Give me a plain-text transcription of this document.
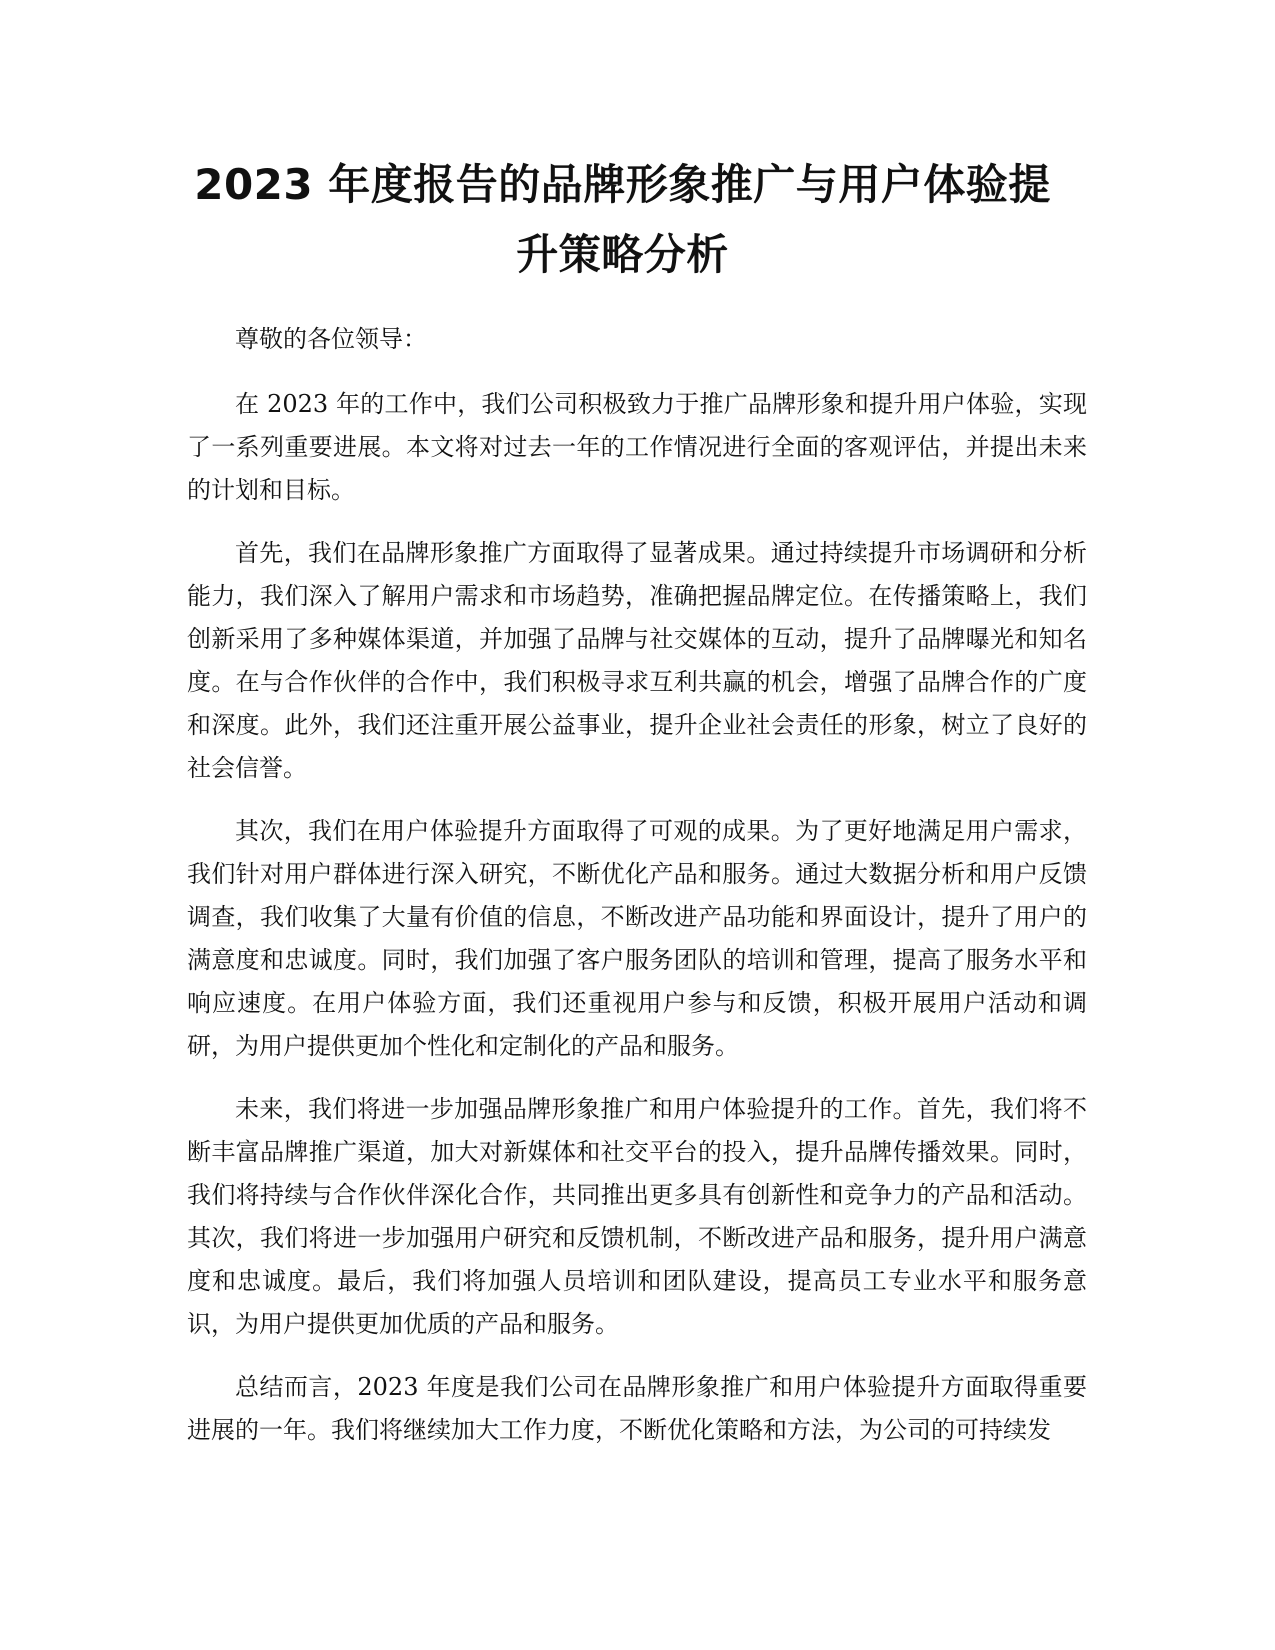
2023 年度报告的品牌形象推广与用户体验提
升策略分析

尊敬的各位领导：

在 2023 年的工作中，我们公司积极致力于推广品牌形象和提升用户体验，实现了一系列重要进展。本文将对过去一年的工作情况进行全面的客观评估，并提出未来的计划和目标。

首先，我们在品牌形象推广方面取得了显著成果。通过持续提升市场调研和分析能力，我们深入了解用户需求和市场趋势，准确把握品牌定位。在传播策略上，我们创新采用了多种媒体渠道，并加强了品牌与社交媒体的互动，提升了品牌曝光和知名度。在与合作伙伴的合作中，我们积极寻求互利共赢的机会，增强了品牌合作的广度和深度。此外，我们还注重开展公益事业，提升企业社会责任的形象，树立了良好的社会信誉。

其次，我们在用户体验提升方面取得了可观的成果。为了更好地满足用户需求，我们针对用户群体进行深入研究，不断优化产品和服务。通过大数据分析和用户反馈调查，我们收集了大量有价值的信息，不断改进产品功能和界面设计，提升了用户的满意度和忠诚度。同时，我们加强了客户服务团队的培训和管理，提高了服务水平和响应速度。在用户体验方面，我们还重视用户参与和反馈，积极开展用户活动和调研，为用户提供更加个性化和定制化的产品和服务。

未来，我们将进一步加强品牌形象推广和用户体验提升的工作。首先，我们将不断丰富品牌推广渠道，加大对新媒体和社交平台的投入，提升品牌传播效果。同时，我们将持续与合作伙伴深化合作，共同推出更多具有创新性和竞争力的产品和活动。其次，我们将进一步加强用户研究和反馈机制，不断改进产品和服务，提升用户满意度和忠诚度。最后，我们将加强人员培训和团队建设，提高员工专业水平和服务意识，为用户提供更加优质的产品和服务。

总结而言，2023 年度是我们公司在品牌形象推广和用户体验提升方面取得重要进展的一年。我们将继续加大工作力度，不断优化策略和方法，为公司的可持续发
